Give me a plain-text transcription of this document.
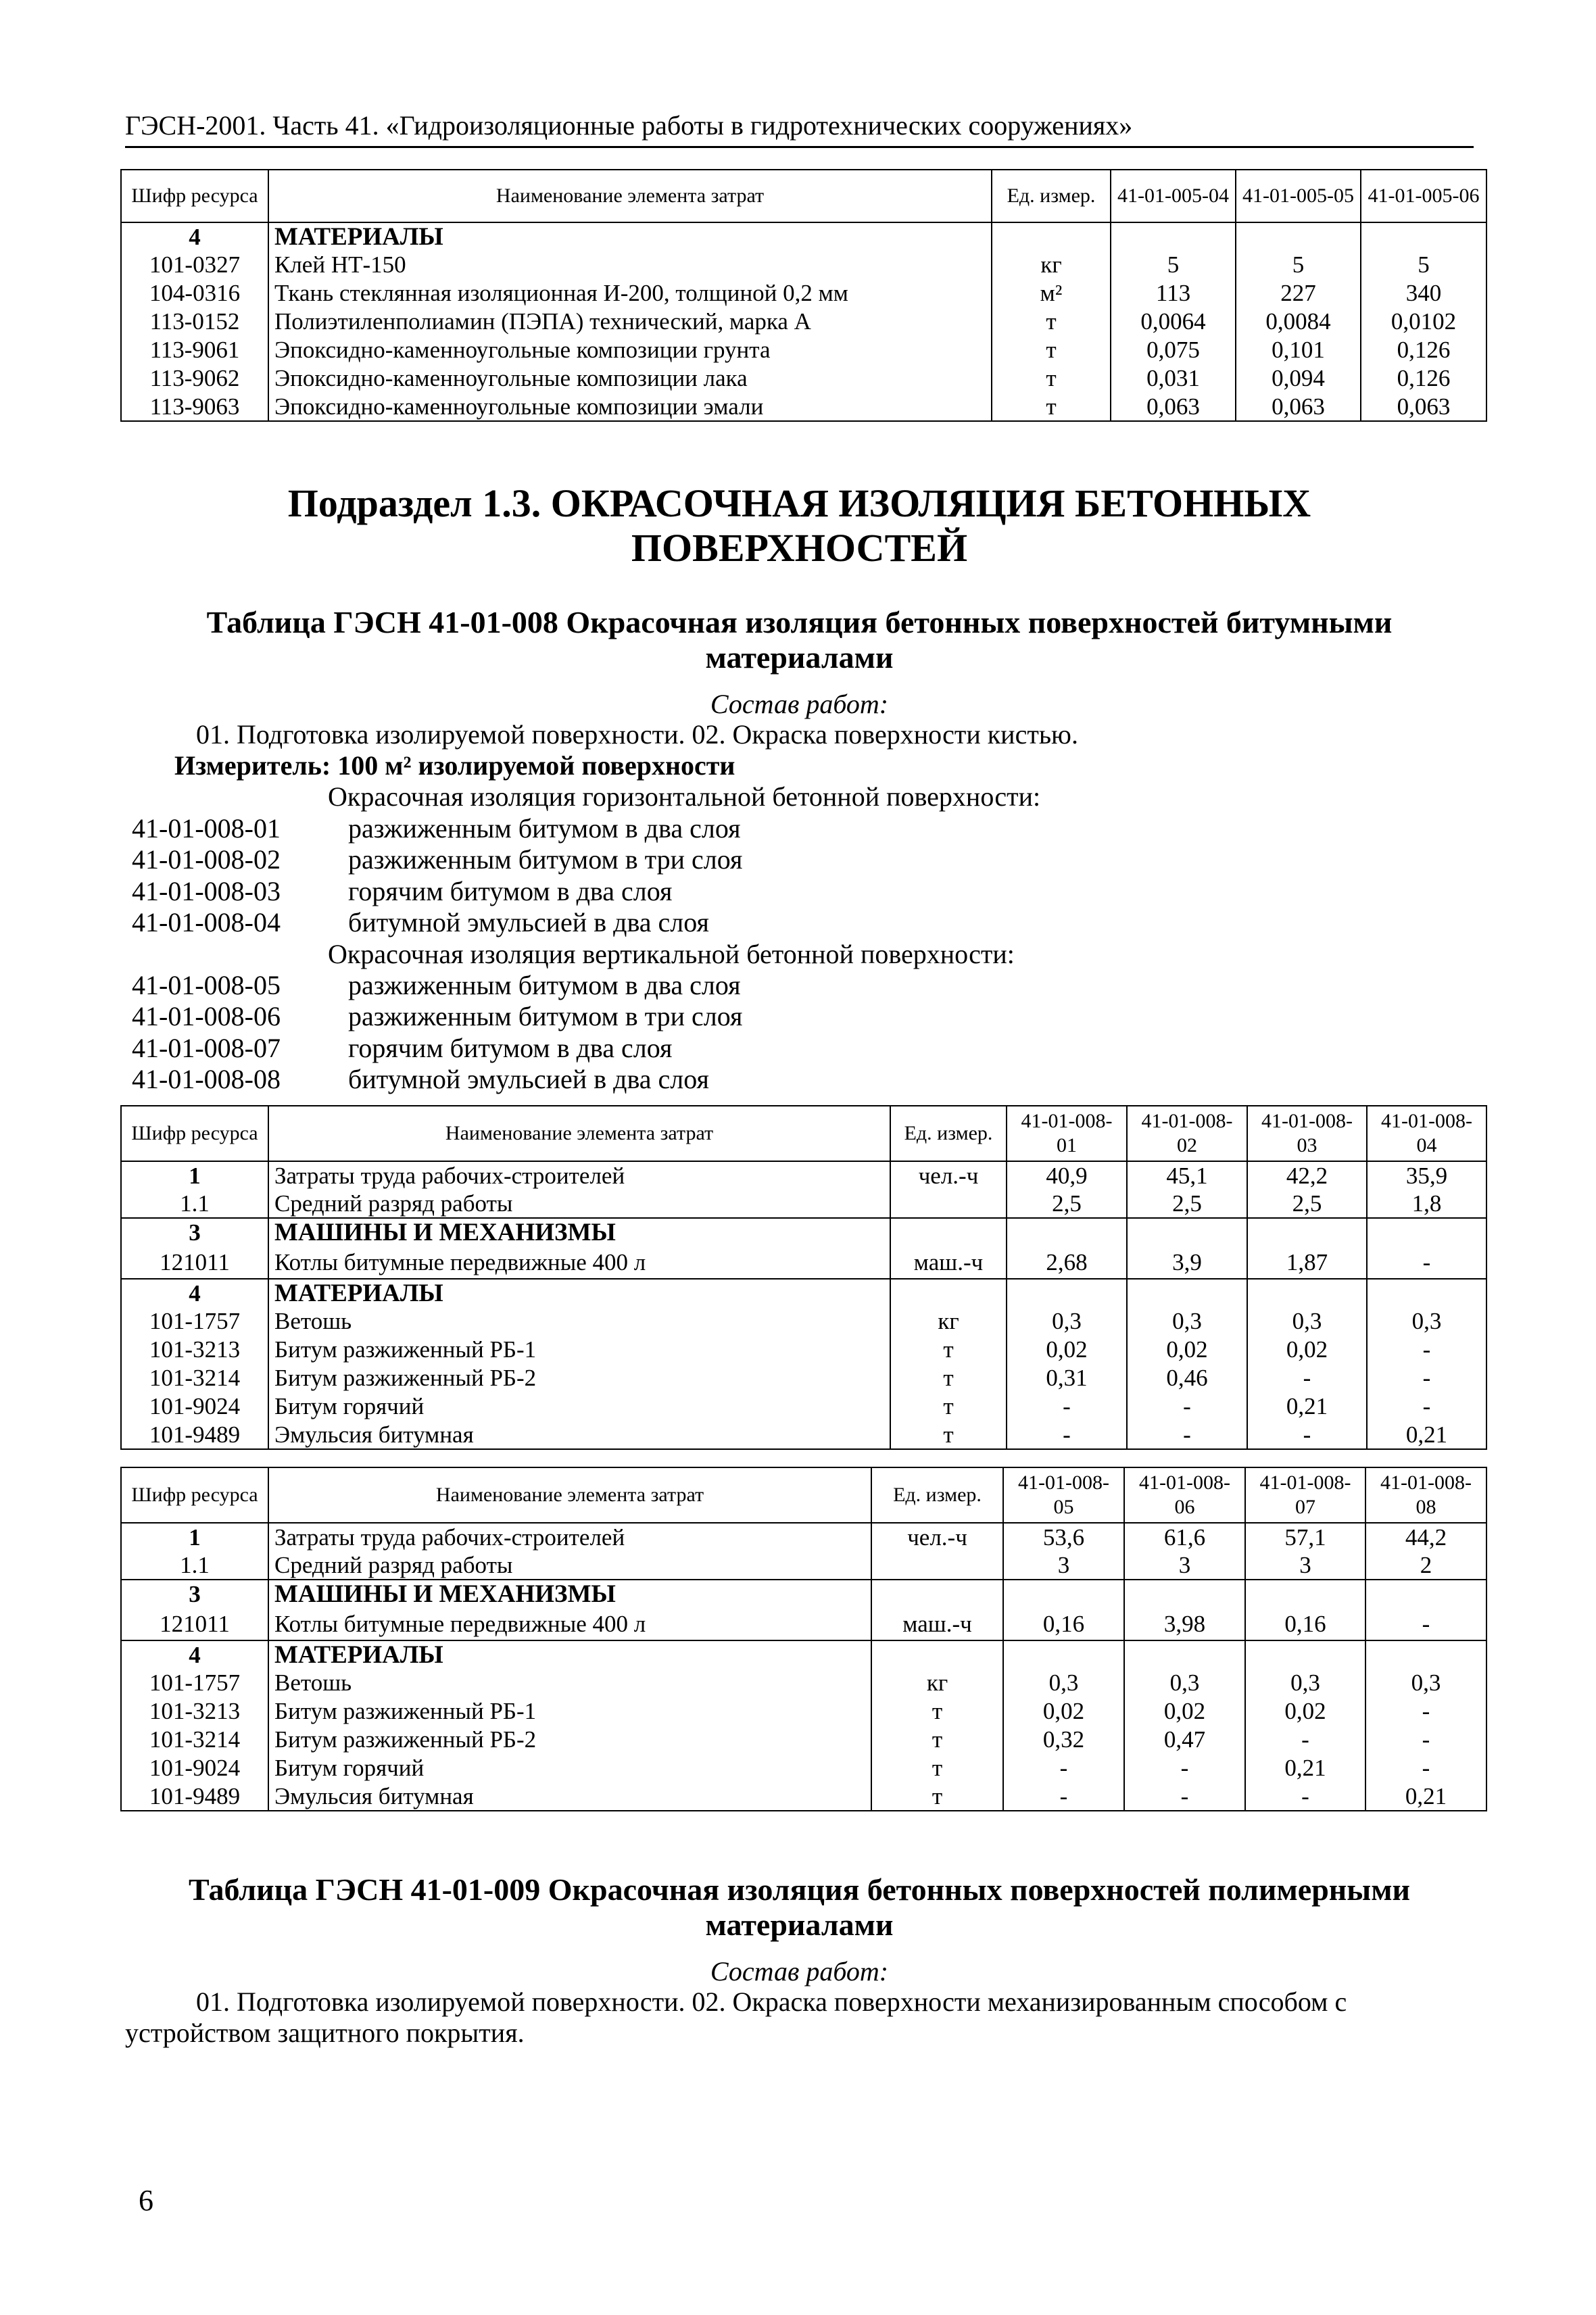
ГЭСН-2001. Часть 41. «Гидроизоляционные работы в гидротехнических сооружениях»
Шифр ресурса	Наименование элемента затрат	Ед. измер.	41-01-005-04	41-01-005-05	41-01-005-06
4	МАТЕРИАЛЫ				
101-0327	Клей НТ-150	кг	5	5	5
104-0316	Ткань стеклянная изоляционная И-200, толщиной 0,2 мм	м²	113	227	340
113-0152	Полиэтиленполиамин (ПЭПА) технический, марка А	т	0,0064	0,0084	0,0102
113-9061	Эпоксидно-каменноугольные композиции грунта	т	0,075	0,101	0,126
113-9062	Эпоксидно-каменноугольные композиции лака	т	0,031	0,094	0,126
113-9063	Эпоксидно-каменноугольные композиции эмали	т	0,063	0,063	0,063
Подраздел 1.3. ОКРАСОЧНАЯ ИЗОЛЯЦИЯ БЕТОННЫХ
ПОВЕРХНОСТЕЙ
Таблица ГЭСН 41-01-008 Окрасочная изоляция бетонных поверхностей битумными
материалами
Состав работ:
01. Подготовка изолируемой поверхности. 02. Окраска поверхности кистью.
Измеритель: 100 м² изолируемой поверхности
Окрасочная изоляция горизонтальной бетонной поверхности:
41-01-008-01	разжиженным битумом в два слоя
41-01-008-02	разжиженным битумом в три слоя
41-01-008-03	горячим битумом в два слоя
41-01-008-04	битумной эмульсией в два слоя
Окрасочная изоляция вертикальной бетонной поверхности:
41-01-008-05	разжиженным битумом в два слоя
41-01-008-06	разжиженным битумом в три слоя
41-01-008-07	горячим битумом в два слоя
41-01-008-08	битумной эмульсией в два слоя
Шифр ресурса	Наименование элемента затрат	Ед. измер.	41-01-008-01	41-01-008-02	41-01-008-03	41-01-008-04
1	Затраты труда рабочих-строителей	чел.-ч	40,9	45,1	42,2	35,9
1.1	Средний разряд работы		2,5	2,5	2,5	1,8
3	МАШИНЫ И МЕХАНИЗМЫ					
121011	Котлы битумные передвижные 400 л	маш.-ч	2,68	3,9	1,87	-
4	МАТЕРИАЛЫ					
101-1757	Ветошь	кг	0,3	0,3	0,3	0,3
101-3213	Битум разжиженный РБ-1	т	0,02	0,02	0,02	-
101-3214	Битум разжиженный РБ-2	т	0,31	0,46	-	-
101-9024	Битум горячий	т	-	-	0,21	-
101-9489	Эмульсия битумная	т	-	-	-	0,21
Шифр ресурса	Наименование элемента затрат	Ед. измер.	41-01-008-05	41-01-008-06	41-01-008-07	41-01-008-08
1	Затраты труда рабочих-строителей	чел.-ч	53,6	61,6	57,1	44,2
1.1	Средний разряд работы		3	3	3	2
3	МАШИНЫ И МЕХАНИЗМЫ					
121011	Котлы битумные передвижные 400 л	маш.-ч	0,16	3,98	0,16	-
4	МАТЕРИАЛЫ					
101-1757	Ветошь	кг	0,3	0,3	0,3	0,3
101-3213	Битум разжиженный РБ-1	т	0,02	0,02	0,02	-
101-3214	Битум разжиженный РБ-2	т	0,32	0,47	-	-
101-9024	Битум горячий	т	-	-	0,21	-
101-9489	Эмульсия битумная	т	-	-	-	0,21
Таблица ГЭСН 41-01-009 Окрасочная изоляция бетонных поверхностей полимерными
материалами
Состав работ:
01. Подготовка изолируемой поверхности. 02. Окраска поверхности механизированным способом с
устройством защитного покрытия.
6
